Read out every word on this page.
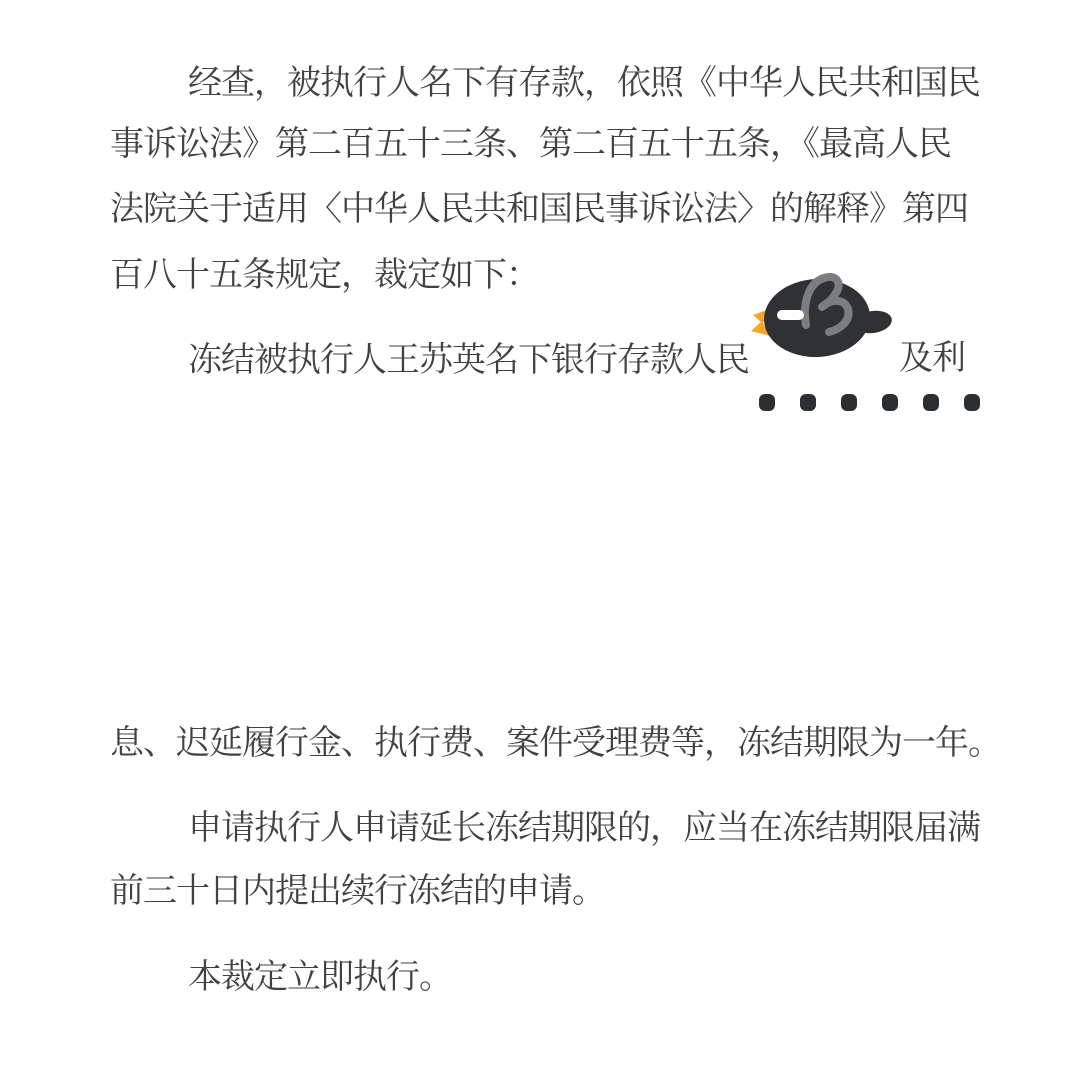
经查，被执行人名下有存款，依照《中华人民共和国民

事诉讼法》第二百五十三条、第二百五十五条，《最高人民

法院关于适用〈中华人民共和国民事诉讼法〉的解释》第四

百八十五条规定，裁定如下：

冻结被执行人王苏英名下银行存款人民	及利

息、迟延履行金、执行费、案件受理费等，冻结期限为一年。

申请执行人申请延长冻结期限的，应当在冻结期限届满

前三十日内提出续行冻结的申请。

本裁定立即执行。
